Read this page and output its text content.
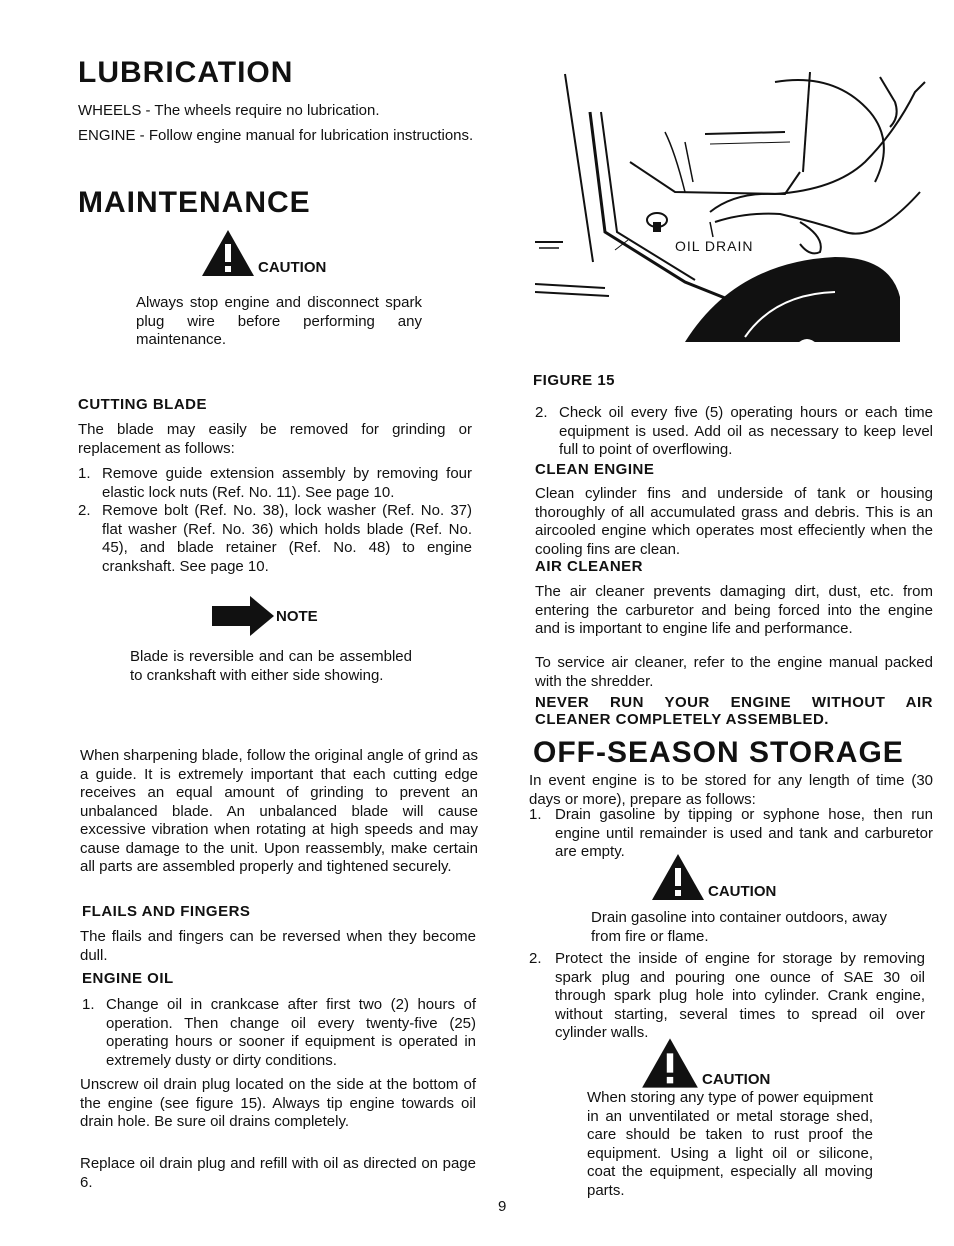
LUBRICATION

WHEELS - The wheels require no lubrication.

ENGINE - Follow engine manual for lubrication instructions.

MAINTENANCE
CAUTION

Always stop engine and disconnect spark plug wire before performing any maintenance.

CUTTING BLADE

The blade may easily be removed for grinding or replacement as follows:

1. Remove guide extension assembly by removing four elastic lock nuts (Ref. No. 11). See page 10.
2. Remove bolt (Ref. No. 38), lock washer (Ref. No. 37) flat washer (Ref. No. 36) which holds blade (Ref. No. 45), and blade retainer (Ref. No. 48) to engine crankshaft. See page 10.
NOTE

Blade is reversible and can be assembled to crankshaft with either side showing.

When sharpening blade, follow the original angle of grind as a guide. It is extremely important that each cutting edge receives an equal amount of grinding to prevent an unbalanced blade. An unbalanced blade will cause excessive vibration when rotating at high speeds and may cause damage to the unit. Upon reassembly, make certain all parts are assembled properly and tightened securely.

FLAILS AND FINGERS

The flails and fingers can be reversed when they become dull.

ENGINE OIL
1. Change oil in crankcase after first two (2) hours of operation. Then change oil every twenty-five (25) operating hours or sooner if equipment is operated in extremely dusty or dirty conditions.

Unscrew oil drain plug located on the side at the bottom of the engine (see figure 15). Always tip engine towards oil drain hole. Be sure oil drains completely.

Replace oil drain plug and refill with oil as directed on page 6.

OIL DRAIN
FIGURE 15
2. Check oil every five (5) operating hours or each time equipment is used. Add oil as necessary to keep level full to point of overflowing.
CLEAN ENGINE

Clean cylinder fins and underside of tank or housing thoroughly of all accumulated grass and debris. This is an aircooled engine which operates most effeciently when the cooling fins are clean.

AIR CLEANER

The air cleaner prevents damaging dirt, dust, etc. from entering the carburetor and being forced into the engine and is important to engine life and performance.

To service air cleaner, refer to the engine manual packed with the shredder.

NEVER RUN YOUR ENGINE WITHOUT AIR CLEANER COMPLETELY ASSEMBLED.

OFF-SEASON STORAGE

In event engine is to be stored for any length of time (30 days or more), prepare as follows:

1. Drain gasoline by tipping or syphone hose, then run engine until remainder is used and tank and carburetor are empty.
CAUTION

Drain gasoline into container outdoors, away from fire or flame.

2. Protect the inside of engine for storage by removing spark plug and pouring one ounce of SAE 30 oil through spark plug hole into cylinder. Crank engine, without starting, several times to spread oil over cylinder walls.
CAUTION

When storing any type of power equipment in an unventilated or metal storage shed, care should be taken to rust proof the equipment. Using a light oil or silicone, coat the equipment, especially all moving parts.

9
